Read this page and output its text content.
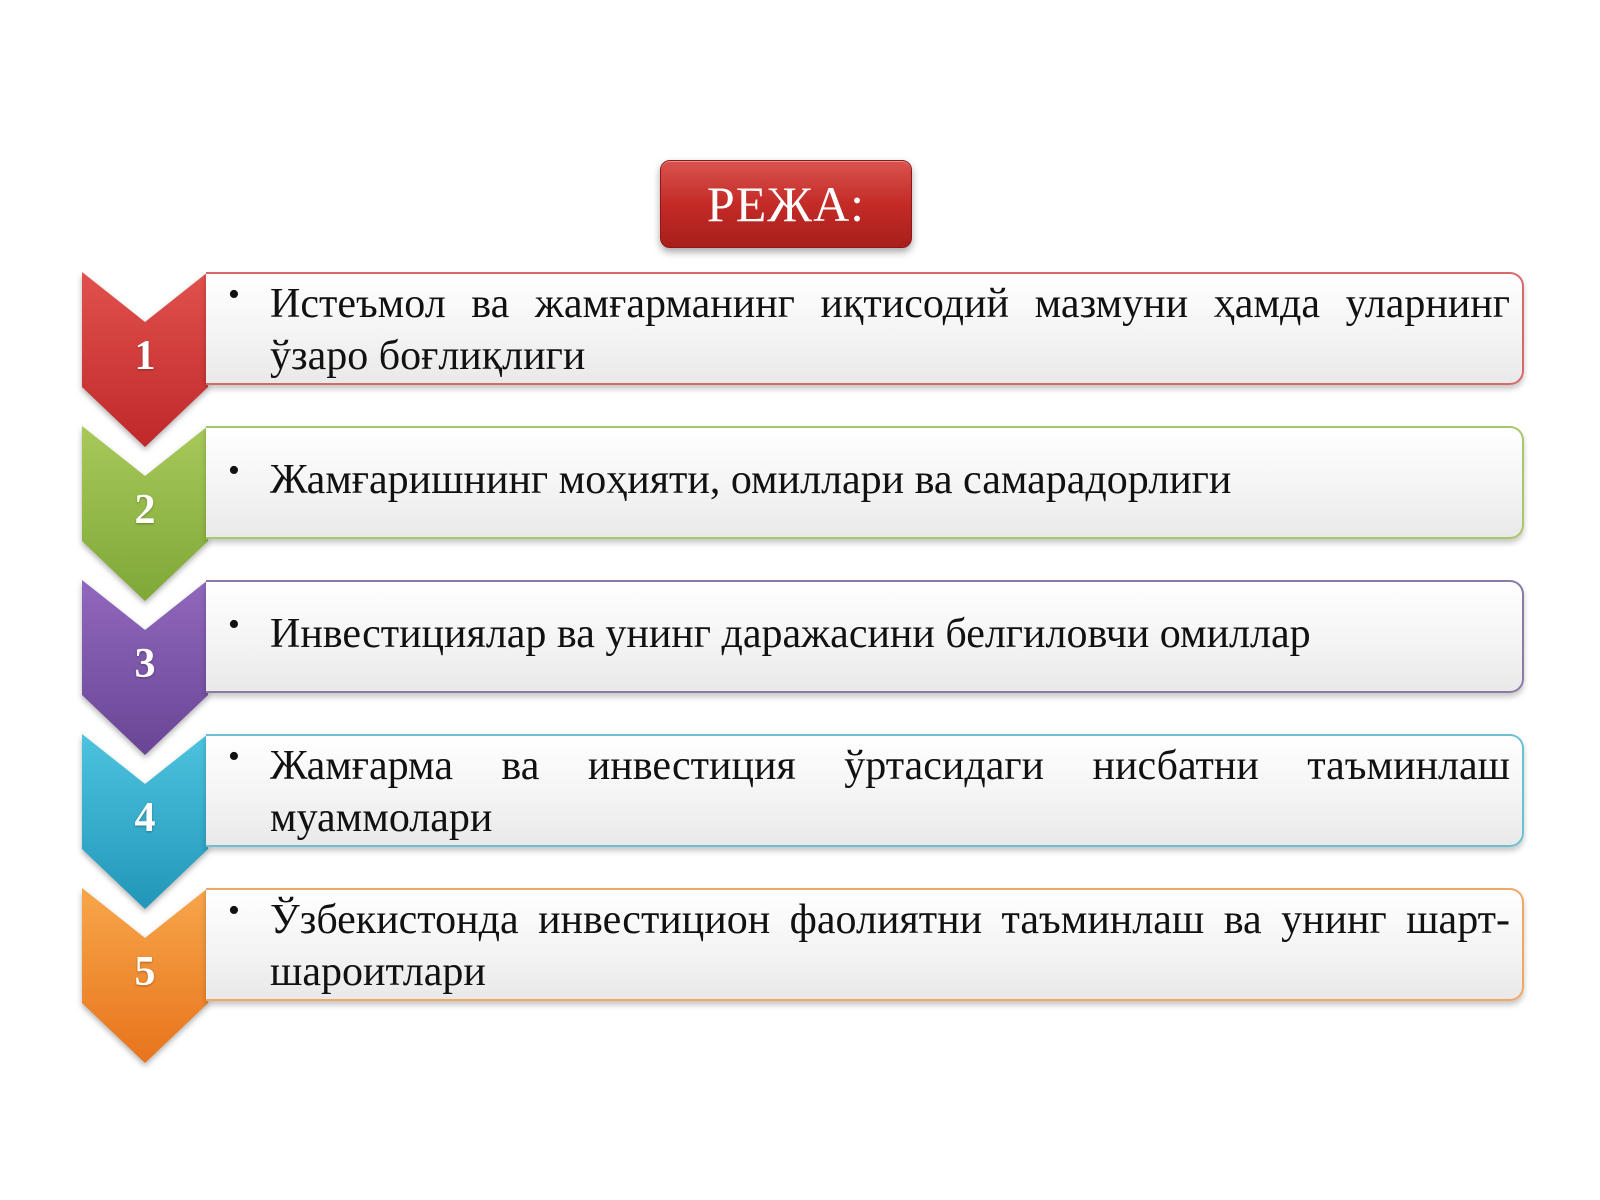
РЕЖА:
1
• Истеъмол ва жамғарманинг иқтисодий мазмуни ҳамда уларнинг ўзаро боғлиқлиги
2
• Жамғаришнинг моҳияти, омиллари ва самарадорлиги
3
• Инвестициялар ва унинг даражасини белгиловчи омиллар
4
• Жамғарма ва инвестиция ўртасидаги нисбатни таъминлаш муаммолари
5
• Ўзбекистонда инвестицион фаолиятни таъминлаш ва унинг шарт-шароитлари
